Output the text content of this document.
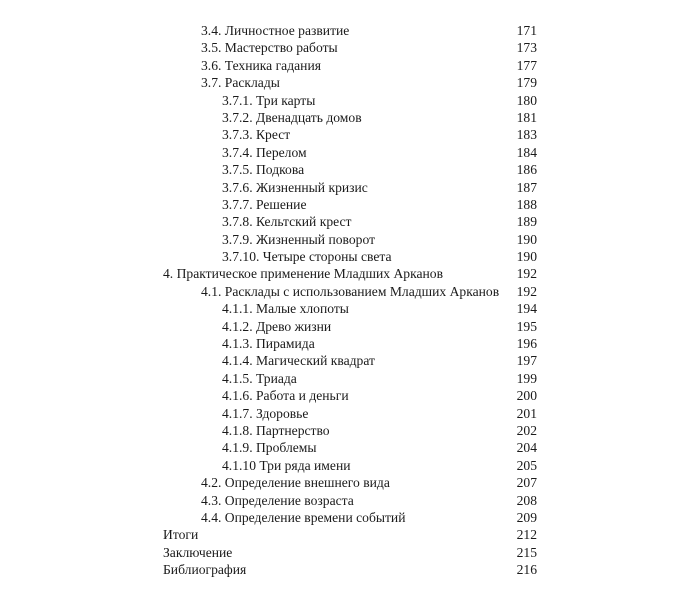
3.4. Личностное развитие	171
3.5. Мастерство работы	173
3.6. Техника гадания	177
3.7. Расклады	179
3.7.1. Три карты	180
3.7.2. Двенадцать домов	181
3.7.3. Крест	183
3.7.4. Перелом	184
3.7.5. Подкова	186
3.7.6. Жизненный кризис	187
3.7.7. Решение	188
3.7.8. Кельтский крест	189
3.7.9. Жизненный поворот	190
3.7.10. Четыре стороны света	190
4. Практическое применение Младших Арканов	192
4.1. Расклады с использованием Младших Арканов 192
4.1.1. Малые хлопоты	194
4.1.2. Древо жизни	195
4.1.3. Пирамида	196
4.1.4. Магический квадрат	197
4.1.5. Триада	199
4.1.6. Работа и деньги	200
4.1.7. Здоровье	201
4.1.8. Партнерство	202
4.1.9. Проблемы	204
4.1.10 Три ряда имени	205
4.2. Определение внешнего вида	207
4.3. Определение возраста	208
4.4. Определение времени событий	209
Итоги	212
Заключение	215
Библиография	216
